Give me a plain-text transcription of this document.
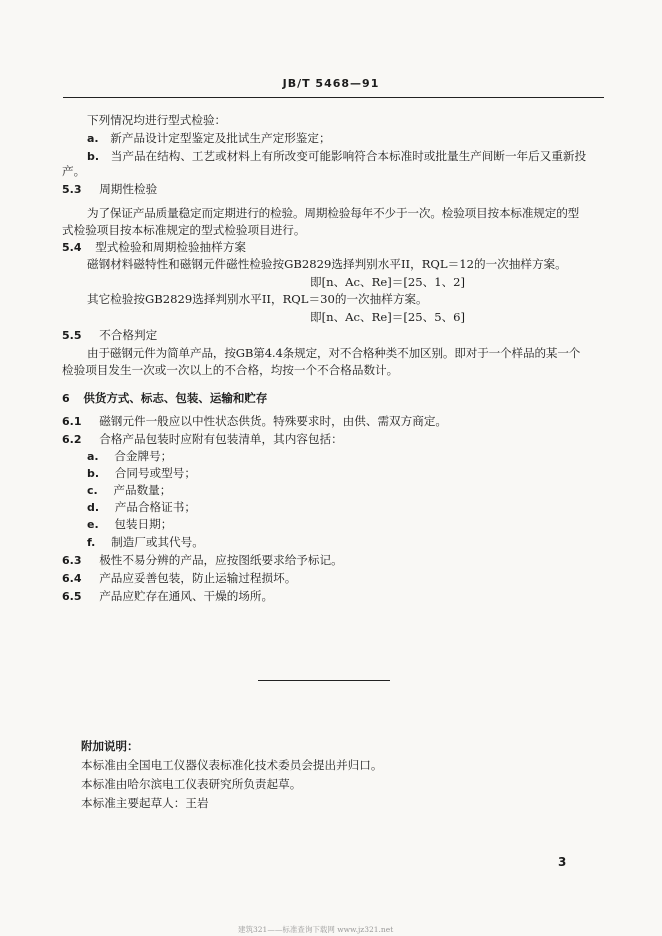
JB/T 5468—91
下列情况均进行型式检验：
a. 新产品设计定型鉴定及批试生产定形鉴定；
b. 当产品在结构、工艺或材料上有所改变可能影响符合本标准时或批量生产间断一年后又重新投
产。
5.3 周期性检验
为了保证产品质量稳定而定期进行的检验。周期检验每年不少于一次。检验项目按本标准规定的型
式检验项目按本标准规定的型式检验项目进行。
5.4 型式检验和周期检验抽样方案
磁钢材料磁特性和磁钢元件磁性检验按GB2829选择判别水平II，RQL＝12的一次抽样方案。
即[n、Ac、Re]＝[25、1、2]
其它检验按GB2829选择判别水平II，RQL＝30的一次抽样方案。
即[n、Ac、Re]＝[25、5、6]
5.5 不合格判定
由于磁钢元件为简单产品，按GB第4.4条规定，对不合格种类不加区别。即对于一个样品的某一个
检验项目发生一次或一次以上的不合格，均按一个不合格品数计。
6 供货方式、标志、包装、运输和贮存
6.1 磁钢元件一般应以中性状态供货。特殊要求时，由供、需双方商定。
6.2 合格产品包装时应附有包装清单，其内容包括：
a. 合金牌号；
b. 合同号或型号；
c. 产品数量；
d. 产品合格证书；
e. 包装日期；
f. 制造厂或其代号。
6.3 极性不易分辨的产品，应按图纸要求给予标记。
6.4 产品应妥善包装，防止运输过程损坏。
6.5 产品应贮存在通风、干燥的场所。
附加说明：
本标准由全国电工仪器仪表标准化技术委员会提出并归口。
本标准由哈尔滨电工仪表研究所负责起草。
本标准主要起草人：王岩
3
建筑321——标准查询下载网 www.jz321.net
